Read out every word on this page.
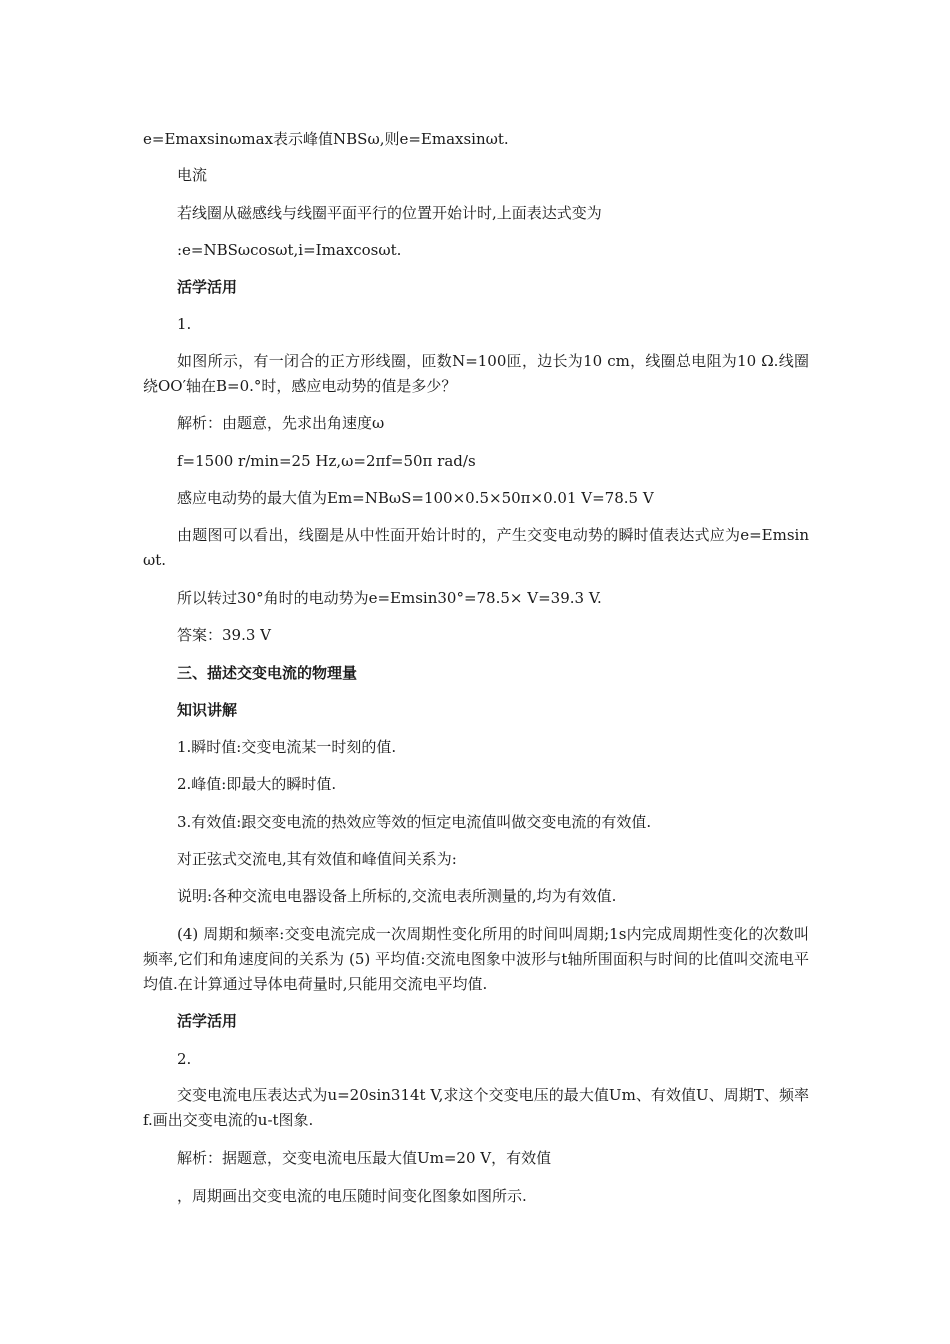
e=Emaxsinωmax表示峰值NBSω,则e=Emaxsinωt.
电流
若线圈从磁感线与线圈平面平行的位置开始计时,上面表达式变为
:e=NBSωcosωt,i=Imaxcosωt.
活学活用
1.
如图所示，有一闭合的正方形线圈，匝数N=100匝，边长为10 cm，线圈总电阻为10 Ω.线圈绕OO′轴在B=0.°时，感应电动势的值是多少？
解析：由题意，先求出角速度ω
f=1500 r/min=25 Hz,ω=2πf=50π rad/s
感应电动势的最大值为Em=NBωS=100×0.5×50π×0.01 V=78.5 V
由题图可以看出，线圈是从中性面开始计时的，产生交变电动势的瞬时值表达式应为e=Emsinωt.
所以转过30°角时的电动势为e=Emsin30°=78.5× V=39.3 V.
答案：39.3 V
三、描述交变电流的物理量
知识讲解
1.瞬时值:交变电流某一时刻的值.
2.峰值:即最大的瞬时值.
3.有效值:跟交变电流的热效应等效的恒定电流值叫做交变电流的有效值.
对正弦式交流电,其有效值和峰值间关系为:
说明:各种交流电电器设备上所标的,交流电表所测量的,均为有效值.
(4) 周期和频率:交变电流完成一次周期性变化所用的时间叫周期;1s内完成周期性变化的次数叫频率,它们和角速度间的关系为 (5) 平均值:交流电图象中波形与t轴所围面积与时间的比值叫交流电平均值.在计算通过导体电荷量时,只能用交流电平均值.
活学活用
2.
交变电流电压表达式为u=20sin314t V,求这个交变电压的最大值Um、有效值U、周期T、频率f.画出交变电流的u-t图象.
解析：据题意，交变电流电压最大值Um=20 V，有效值
，周期画出交变电流的电压随时间变化图象如图所示.
